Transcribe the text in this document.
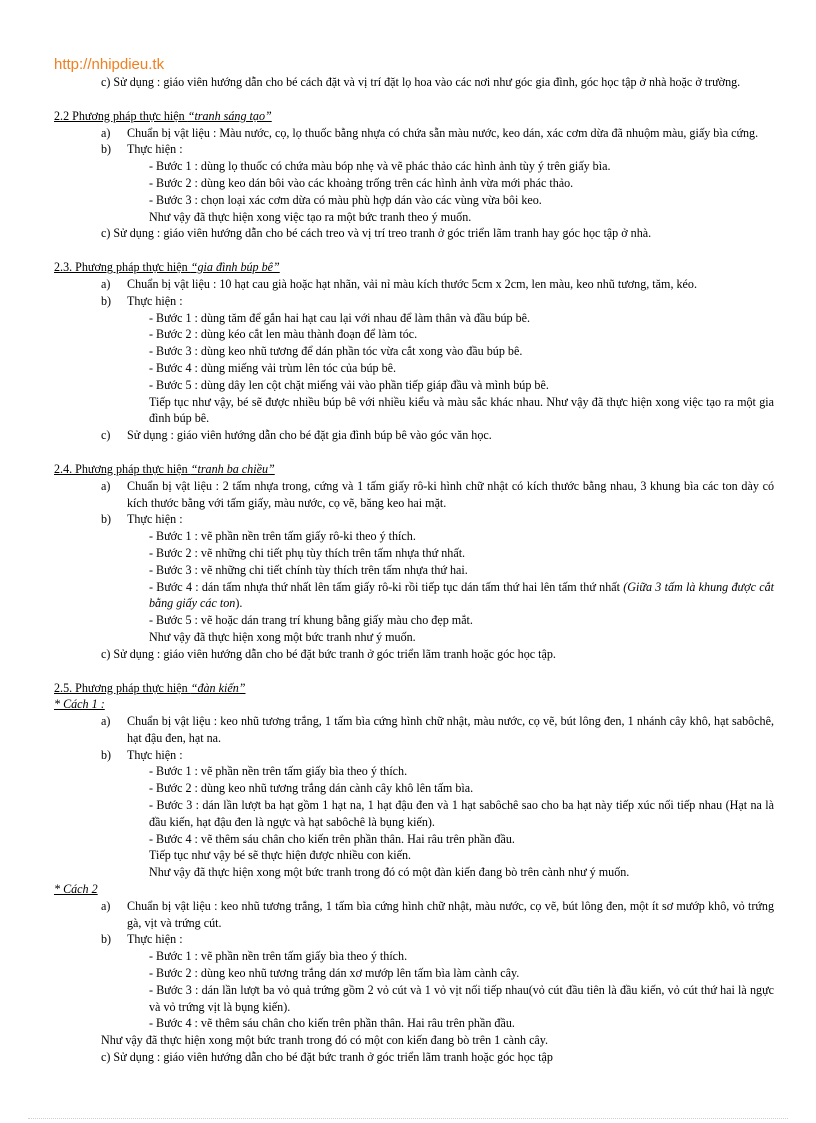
http://nhipdieu.tk
c) Sử dụng : giáo viên hướng dẫn cho bé cách đặt và vị trí đặt lọ hoa vào các nơi như góc gia đình, góc học tập ở nhà hoặc ở trường.
2.2 Phương pháp thực hiện “tranh sáng tạo”
a) Chuẩn bị vật liệu : Màu nước, cọ, lọ thuốc bằng nhựa có chứa sẵn màu nước, keo dán, xác cơm dừa đã nhuộm màu, giấy bìa cứng.
b) Thực hiện :
- Bước 1 : dùng lọ thuốc có chứa màu bóp nhẹ và vẽ phác thảo các hình ảnh tùy ý trên giấy bìa.
- Bước 2 : dùng keo dán bôi vào các khoảng trống trên các hình ảnh vừa mới phác thảo.
- Bước 3 : chọn loại xác cơm dừa có màu phù hợp dán vào các vùng vừa bôi keo.
Như vậy đã thực hiện xong việc tạo ra một bức tranh theo ý muốn.
c) Sử dụng : giáo viên hướng dẫn cho bé cách treo và vị trí treo tranh ở góc triển lãm tranh hay góc học tập ở nhà.
2.3. Phương pháp thực hiện “gia đình búp bê”
a) Chuẩn bị vật liệu : 10 hạt cau già hoặc hạt nhãn, vải nỉ màu kích thước 5cm x 2cm, len màu, keo nhũ tương, tăm, kéo.
b) Thực hiện :
- Bước 1 : dùng tăm để gắn hai hạt cau lại với nhau để làm thân và đầu búp bê.
- Bước 2 : dùng kéo cắt len màu thành đoạn để làm tóc.
- Bước 3 : dùng keo nhũ tương để dán phần tóc vừa cắt xong vào đầu búp bê.
- Bước 4 : dùng miếng vải trùm lên tóc của búp bê.
- Bước 5 : dùng dây len cột chặt miếng vải vào phần tiếp giáp đầu và mình búp bê.
Tiếp tục như vậy, bé sẽ được nhiều búp bê với nhiều kiểu và màu sắc khác nhau. Như vậy đã thực hiện xong việc tạo ra một gia đình búp bê.
c) Sử dụng : giáo viên hướng dẫn cho bé đặt gia đình búp bê vào góc văn học.
2.4. Phương pháp thực hiện “tranh ba chiều”
a) Chuẩn bị vật liệu : 2 tấm nhựa trong, cứng và 1 tấm giấy rô-ki hình chữ nhật có kích thước bằng nhau, 3 khung bìa các ton dày có kích thước bằng với tấm giấy, màu nước, cọ vẽ, băng keo hai mặt.
b) Thực hiện :
- Bước 1 : vẽ phần nền trên tấm giấy rô-ki theo ý thích.
- Bước 2 : vẽ những chi tiết phụ tùy thích trên tấm nhựa thứ nhất.
- Bước 3 : vẽ những chi tiết chính tùy thích trên tấm nhựa thứ hai.
- Bước 4 : dán tấm nhựa thứ nhất lên tấm giấy rô-ki rồi tiếp tục dán tấm thứ hai lên tấm thứ nhất (Giữa 3 tấm là khung được cắt bằng giấy các ton).
- Bước 5 : vẽ hoặc dán trang trí khung bằng giấy màu cho đẹp mắt.
Như vậy đã thực hiện xong một bức tranh như ý muốn.
c) Sử dụng : giáo viên hướng dẫn cho bé đặt bức tranh ở góc triển lãm tranh hoặc góc học tập.
2.5. Phương pháp thực hiện “đàn kiến”
* Cách 1 :
a) Chuẩn bị vật liệu : keo nhũ tương trắng, 1 tấm bìa cứng hình chữ nhật, màu nước, cọ vẽ, bút lông đen, 1 nhánh cây khô, hạt sabôchê, hạt đậu đen, hạt na.
b) Thực hiện :
- Bước 1 : vẽ phần nền trên tấm giấy bìa theo ý thích.
- Bước 2 : dùng keo nhũ tương trắng dán cành cây khô lên tấm bìa.
- Bước 3 : dán lần lượt ba hạt gồm 1 hạt na, 1 hạt đậu đen và 1 hạt sabôchê sao cho ba hạt này tiếp xúc nối tiếp nhau (Hạt na là đầu kiến, hạt đậu đen là ngực và hạt sabôchê là bụng kiến).
- Bước 4 : vẽ thêm sáu chân cho kiến trên phần thân. Hai râu trên phần đầu.
Tiếp tục như vậy bé sẽ thực hiện được nhiều con kiến.
Như vậy đã thực hiện xong một bức tranh trong đó có một đàn kiến đang bò trên cành như ý muốn.
* Cách 2
a) Chuẩn bị vật liệu : keo nhũ tương trắng, 1 tấm bìa cứng hình chữ nhật, màu nước, cọ vẽ, bút lông đen, một ít sơ mướp khô, vỏ trứng gà, vịt và trứng cút.
b) Thực hiện :
- Bước 1 : vẽ phần nền trên tấm giấy bìa theo ý thích.
- Bước 2 : dùng keo nhũ tương trắng dán xơ mướp lên tấm bìa làm cành cây.
- Bước 3 : dán lần lượt ba vỏ quả trứng gồm 2 vỏ cút và 1 vỏ vịt nối tiếp nhau(vỏ cút đầu tiên là đầu kiến, vỏ cút thứ hai là ngực và vỏ trứng vịt là bụng kiến).
- Bước 4 : vẽ thêm sáu chân cho kiến trên phần thân. Hai râu trên phần đầu.
Như vậy đã thực hiện xong một bức tranh trong đó có một con kiến đang bò trên 1 cành cây.
c) Sử dụng : giáo viên hướng dẫn cho bé đặt bức tranh ở góc triển lãm tranh hoặc góc học tập
